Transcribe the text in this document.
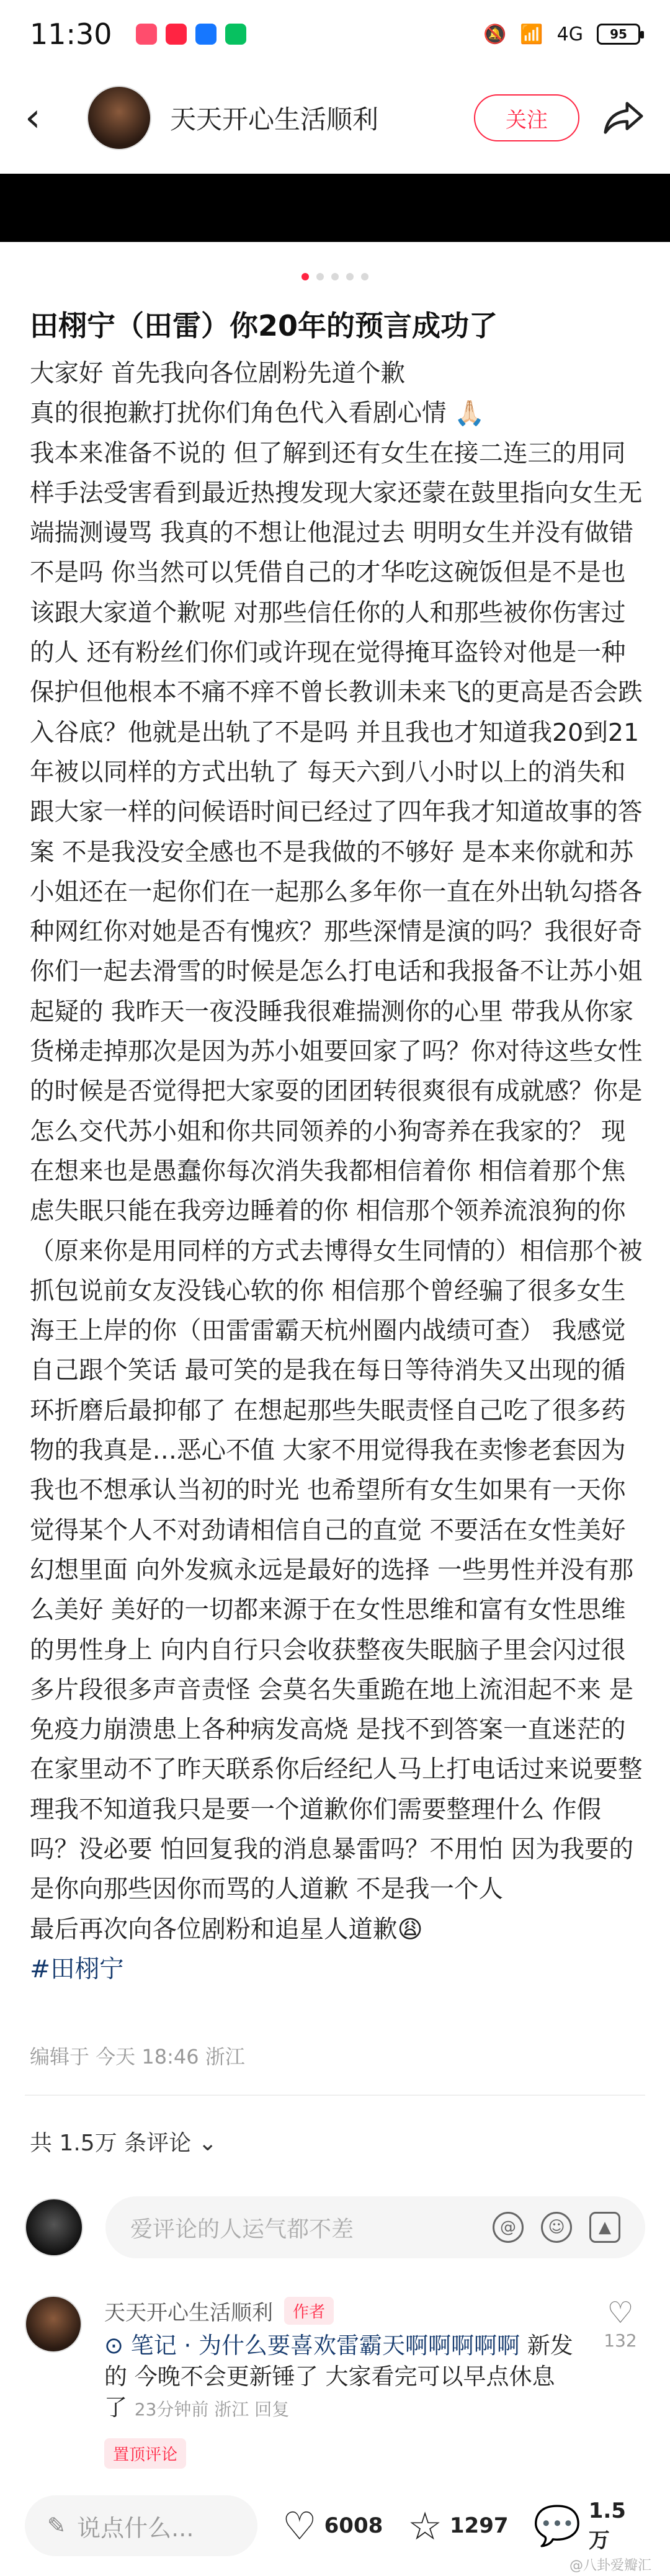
11:30	🔕 📶 4G 95
‹	天天开心生活顺利	关注
田栩宁（田雷）你20年的预言成功了

大家好 首先我向各位剧粉先道个歉

真的很抱歉打扰你们角色代入看剧心情 🙏🏻

我本来准备不说的 但了解到还有女生在接二连三的用同样手法受害看到最近热搜发现大家还蒙在鼓里指向女生无端揣测谩骂 我真的不想让他混过去 明明女生并没有做错不是吗 你当然可以凭借自己的才华吃这碗饭但是不是也该跟大家道个歉呢 对那些信任你的人和那些被你伤害过的人 还有粉丝们你们或许现在觉得掩耳盗铃对他是一种保护但他根本不痛不痒不曾长教训未来飞的更高是否会跌入谷底？他就是出轨了不是吗 并且我也才知道我20到21年被以同样的方式出轨了 每天六到八小时以上的消失和跟大家一样的问候语时间已经过了四年我才知道故事的答案 不是我没安全感也不是我做的不够好 是本来你就和苏小姐还在一起你们在一起那么多年你一直在外出轨勾搭各种网红你对她是否有愧疚？那些深情是演的吗？我很好奇你们一起去滑雪的时候是怎么打电话和我报备不让苏小姐起疑的 我昨天一夜没睡我很难揣测你的心里 带我从你家货梯走掉那次是因为苏小姐要回家了吗？你对待这些女性的时候是否觉得把大家耍的团团转很爽很有成就感？你是怎么交代苏小姐和你共同领养的小狗寄养在我家的？ 现在想来也是愚蠢你每次消失我都相信着你 相信着那个焦虑失眠只能在我旁边睡着的你 相信那个领养流浪狗的你（原来你是用同样的方式去博得女生同情的）相信那个被抓包说前女友没钱心软的你 相信那个曾经骗了很多女生海王上岸的你（田雷雷霸天杭州圈内战绩可查） 我感觉自己跟个笑话 最可笑的是我在每日等待消失又出现的循环折磨后最抑郁了 在想起那些失眠责怪自己吃了很多药物的我真是…恶心不值 大家不用觉得我在卖惨老套因为我也不想承认当初的时光 也希望所有女生如果有一天你觉得某个人不对劲请相信自己的直觉 不要活在女性美好幻想里面 向外发疯永远是最好的选择 一些男性并没有那么美好 美好的一切都来源于在女性思维和富有女性思维的男性身上 向内自行只会收获整夜失眠脑子里会闪过很多片段很多声音责怪 会莫名失重跪在地上流泪起不来 是免疫力崩溃患上各种病发高烧 是找不到答案一直迷茫的在家里动不了昨天联系你后经纪人马上打电话过来说要整理我不知道我只是要一个道歉你们需要整理什么 作假吗？没必要 怕回复我的消息暴雷吗？不用怕 因为我要的是你向那些因你而骂的人道歉 不是我一个人

最后再次向各位剧粉和追星人道歉😩

#田栩宁

编辑于 今天 18:46 浙江
共 1.5万 条评论 ⌄
爱评论的人运气都不差	@	☺	▲
天天开心生活顺利	作者
⊙ 笔记 · 为什么要喜欢雷霸天啊啊啊啊啊 新发的 今晚不会更新锤了 大家看完可以早点休息了 23分钟前 浙江 回复
置顶评论
♡
132
✎ 说点什么... ♡ 6008 ☆ 1297 💬 1.5万
@八卦爱瓣汇
